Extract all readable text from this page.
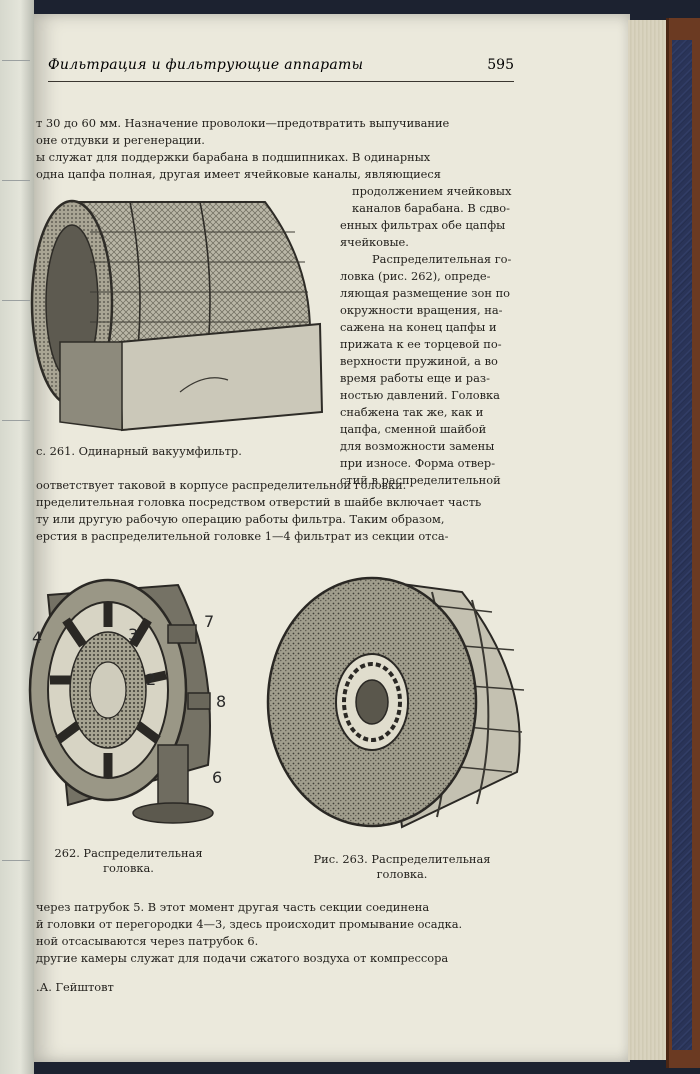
Фильтрация и фильтрующие аппараты	595
т 30 до 60 мм. Назначение проволоки—предотвратить выпучивание
оне отдувки и регенерации.
ы служат для поддержки барабана в подшипниках. В одинарных
одна цапфа полная, другая имеет ячейковые каналы, являющиеся
продолжением ячейковых
каналов барабана. В сдво-
енных фильтрах обе цапфы
ячейковые.
Распределительная го-
ловка (рис. 262), опреде-
ляющая размещение зон по
окружности вращения, на-
сажена на конец цапфы и
прижата к ее торцевой по-
верхности пружиной, а во
время работы еще и раз-
ностью давлений. Головка
снабжена так же, как и
цапфа, сменной шайбой
для возможности замены
при износе. Форма отвер-
стий в распределительной
с. 261. Одинарный вакуумфильтр.
оответствует таковой в корпусе распределительной головки.
пределительная головка посредством отверстий в шайбе включает часть
ту или другую рабочую операцию работы фильтра. Таким образом,
ерстия в распределительной головке 1—4 фильтрат из секции отса-
3
2
4
7
8
6
262. Распределительная
головка.
Рис. 263. Распределительная
головка.
через патрубок 5. В этот момент другая часть секции соединена
й головки от перегородки 4—3, здесь происходит промывание осадка.
ной отсасываются через патрубок 6.
другие камеры служат для подачи сжатого воздуха от компрессора
.А. Гейштовт
